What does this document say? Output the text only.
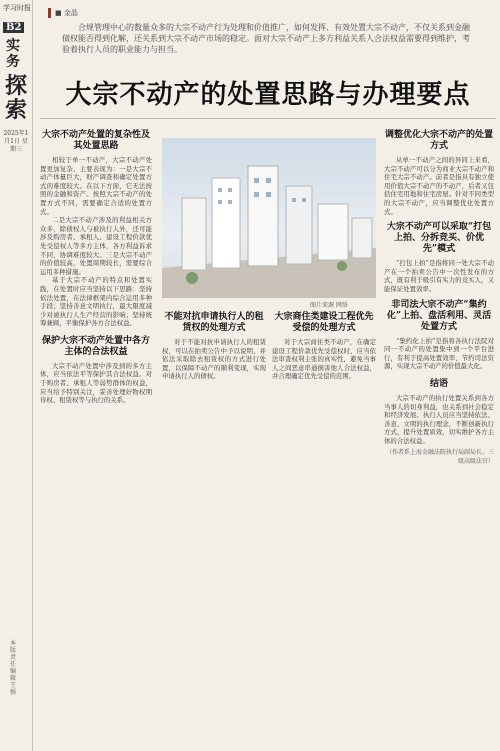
学习时报
B2
实务
探索
2025年1月1日 星期三
本版责任编辑 王强
■ 金晶
合规管理中心的数量众多的大宗不动产行为处理和价值推广，如何发挥、有效处置大宗不动产，不仅关系到金融债权能否得到化解，还关系到大宗不动产市场的稳定。面对大宗不动产上多方利益关系人合法权益需要得到维护，考验着执行人员的职业能力与担当。
大宗不动产的处置思路与办理要点
大宗不动产处置的复杂性及其处置思路

相较于单一不动产，大宗不动产处置更加复杂、主要表现为：一是大宗不动产体量巨大，财产调查和确定处置方式的难度较大。在以下方面，它无法按照的金融和资产。按照大宗不动产的处置方式不同，需要确定合适的处置方式。

二是大宗不动产涉及的利益相关方众多，除债权人与被执行人外，还可能涉及购房者、承租人、建设工程价款优先受偿权人等多方主体，各方利益诉求不同，协调难度较大。三是大宗不动产的价值较高，处置周期较长，需要综合运用多种措施。

基于大宗不动产的特点和处置实践，在处置时应当坚持以下思路：坚持依法处置，在法律框架内综合运用多种手段；坚持善意文明执行，最大限度减少对被执行人生产经营的影响；坚持统筹兼顾，平衡保护各方合法权益。

保护大宗不动产处置中各方主体的合法权益

大宗不动产处置中涉及到的多方主体，应当依法平等保护其合法权益。对于购房者、承租人等弱势群体的权益，应当给予特别关注，妥善处理好物权期待权、租赁权等与执行的关系。

图片来源 网络
不能对抗申请执行人的租赁权的处理方式

对于不能对抗申请执行人的租赁权，可以在拍卖公告中予以说明，并依法采取除去租赁权的方式进行处置，以保障不动产的顺利变现，实现申请执行人的债权。

大宗商住类建设工程优先受偿的处理方式

对于大宗商住类不动产，在确定建设工程价款优先受偿权时，应当依法审查权利主张的真实性，避免当事人之间恶意串通损害他人合法权益，并合理确定优先受偿的范围。

调整优化大宗不动产的处置方式

从单一不动产之间的异同上来看，大宗不动产可以分为商业大宗不动产和住宅大宗不动产。前者是指具有独立使用价值大宗不动产的不动产，后者又包括住宅用地和住宅房屋。针对不同类型的大宗不动产，应当调整优化处置方式。

大宗不动产可以采取“打包上拍、分拆竞买、价优先”模式

“打包上拍”是指将同一处大宗不动产在一个拍卖公告中一次性发布的方式，既有利于吸引有实力的竞买人，又能保证处置效率。

非司法大宗不动产“集约化”上拍、盘活利用、灵活处置方式

“集约化上拍”是指将各执行法院对同一不动产的处置集中到一个平台进行，有利于提高处置效率、节约司法资源，实现大宗不动产的价值最大化。

结语

大宗不动产的执行处置关系到各方当事人的切身利益，也关系到社会稳定和经济发展。执行人员应当坚持依法、善意、文明的执行理念，不断创新执行方式，提升处置质效，切实维护各方主体的合法权益。

（作者系上海金融法院执行局副局长、三级高级法官）
